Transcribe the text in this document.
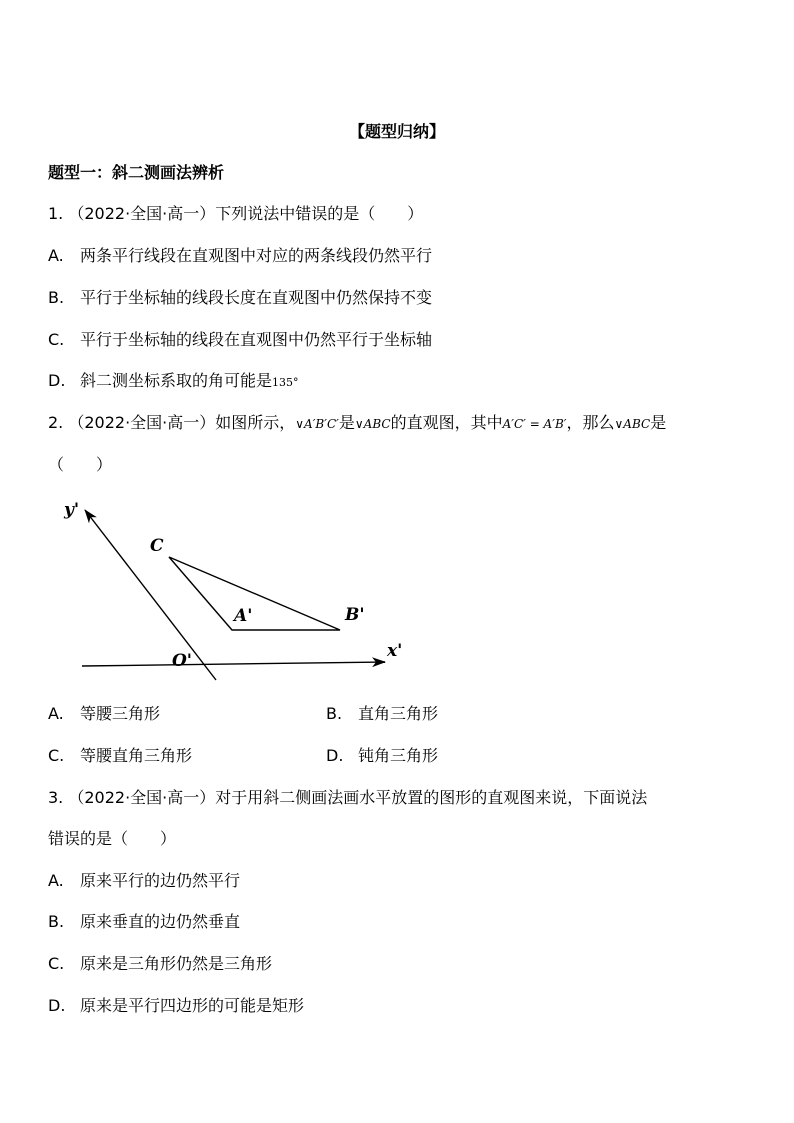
【题型归纳】
题型一：斜二测画法辨析
1. （2022·全国·高一）下列说法中错误的是（　　）
A. 两条平行线段在直观图中对应的两条线段仍然平行
B. 平行于坐标轴的线段长度在直观图中仍然保持不变
C. 平行于坐标轴的线段在直观图中仍然平行于坐标轴
D. 斜二测坐标系取的角可能是135°
2. （2022·全国·高一）如图所示，∨A′B′C′是∨ABC的直观图，其中A′C′ = A′B′，那么∨ABC是
（　　）
y'
C
A'	B'
O'	x'
A. 等腰三角形	B. 直角三角形
C. 等腰直角三角形	D. 钝角三角形
3. （2022·全国·高一）对于用斜二侧画法画水平放置的图形的直观图来说，下面说法
错误的是（　　）
A. 原来平行的边仍然平行
B. 原来垂直的边仍然垂直
C. 原来是三角形仍然是三角形
D. 原来是平行四边形的可能是矩形
